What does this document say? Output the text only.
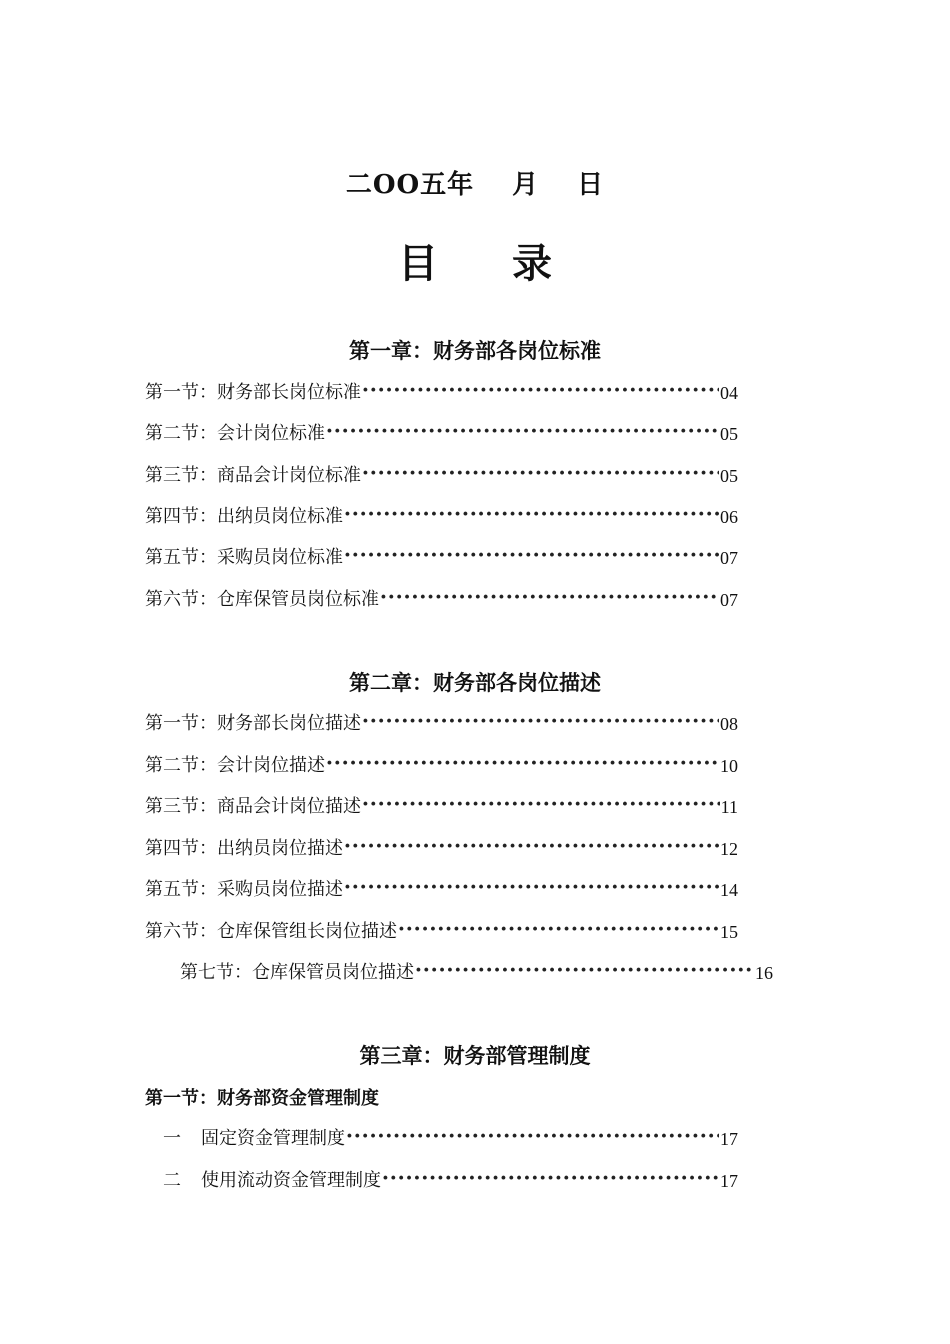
二OO五年 月 日
目 录
第一章：财务部各岗位标准
第一节：财务部长岗位标准 ∙∙∙∙∙	04
第二节：会计岗位标准 ∙∙∙∙∙	05
第三节：商品会计岗位标准 ∙∙∙∙∙	05
第四节：出纳员岗位标准 ∙∙∙∙∙	06
第五节：采购员岗位标准 ∙∙∙∙∙	07
第六节：仓库保管员岗位标准 ∙∙∙∙∙	07
第二章：财务部各岗位描述
第一节：财务部长岗位描述 ∙∙∙∙∙	08
第二节：会计岗位描述 ∙∙∙∙∙	10
第三节：商品会计岗位描述 ∙∙∙∙∙	11
第四节：出纳员岗位描述 ∙∙∙∙∙	12
第五节：采购员岗位描述 ∙∙∙∙∙	14
第六节：仓库保管组长岗位描述 ∙∙∙∙∙	15
第七节：仓库保管员岗位描述 ∙∙∙∙∙	16
第三章：财务部管理制度
第一节：财务部资金管理制度
一 固定资金管理制度 ∙∙∙∙∙	17
二 使用流动资金管理制度 ∙∙∙∙∙	17
